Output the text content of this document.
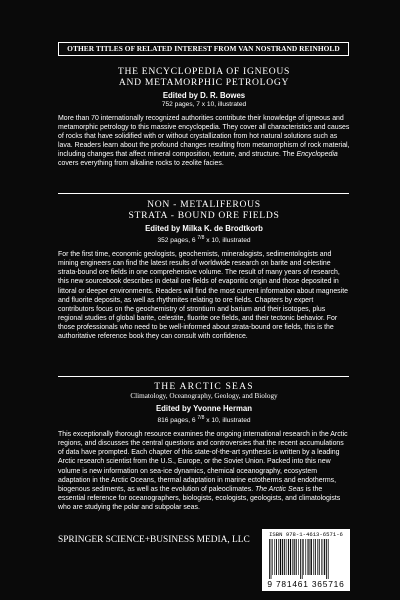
OTHER TITLES OF RELATED INTEREST FROM VAN NOSTRAND REINHOLD
THE ENCYCLOPEDIA OF IGNEOUS
AND METAMORPHIC PETROLOGY
Edited by D. R. Bowes
752 pages, 7 x 10, illustrated
More than 70 internationally recognized authorities contribute their knowledge of igneous and metamorphic petrology to this massive encyclopedia. They cover all characteristics and causes of rocks that have solidified with or without crystallization from hot natural solutions such as lava. Readers learn about the profound changes resulting from metamorphism of rock material, including changes that affect mineral composition, texture, and structure. The Encyclopedia covers everything from alkaline rocks to zeolite facies.
NON - METALIFEROUS
STRATA - BOUND ORE FIELDS
Edited by Milka K. de Brodtkorb
352 pages, 6 $^{7/8}$ x 10, illustrated
For the first time, economic geologists, geochemists, mineralogists, sedimentologists and mining engineers can find the latest results of worldwide research on barite and celestine strata-bound ore fields in one comprehensive volume. The result of many years of research, this new sourcebook describes in detail ore fields of evaporitic origin and those deposited in littoral or deeper environments. Readers will find the most current information about magnesite and fluorite deposits, as well as rhythmites relating to ore fields. Chapters by expert contributors focus on the geochemistry of strontium and barium and their isotopes, plus regional studies of global barite, celestite, fluorite ore fields, and their tectonic behavior. For those professionals who need to be well-informed about strata-bound ore fields, this is the authoritative reference book they can consult with confidence.
THE ARCTIC SEAS
Climatology, Oceanography, Geology, and Biology
Edited by Yvonne Herman
816 pages, 6 $^{7/8}$ x 10, illustrated
This exceptionally thorough resource examines the ongoing international research in the Arctic regions, and discusses the central questions and controversies that the recent accumulations of data have prompted. Each chapter of this state-of-the-art synthesis is written by a leading Arctic research scientist from the U.S., Europe, or the Soviet Union. Packed into this new volume is new information on sea-ice dynamics, chemical oceanography, ecosystem adaptation in the Arctic Oceans, thermal adaptation in marine ectotherms and endotherms, biogenous sediments, as well as the evolution of paleoclimates. The Arctic Seas is the essential reference for oceanographers, biologists, ecologists, geologists, and climatologists who are studying the polar and subpolar seas.
SPRINGER SCIENCE+BUSINESS MEDIA, LLC
ISBN 978-1-4613-6571-6
9 781461 365716
